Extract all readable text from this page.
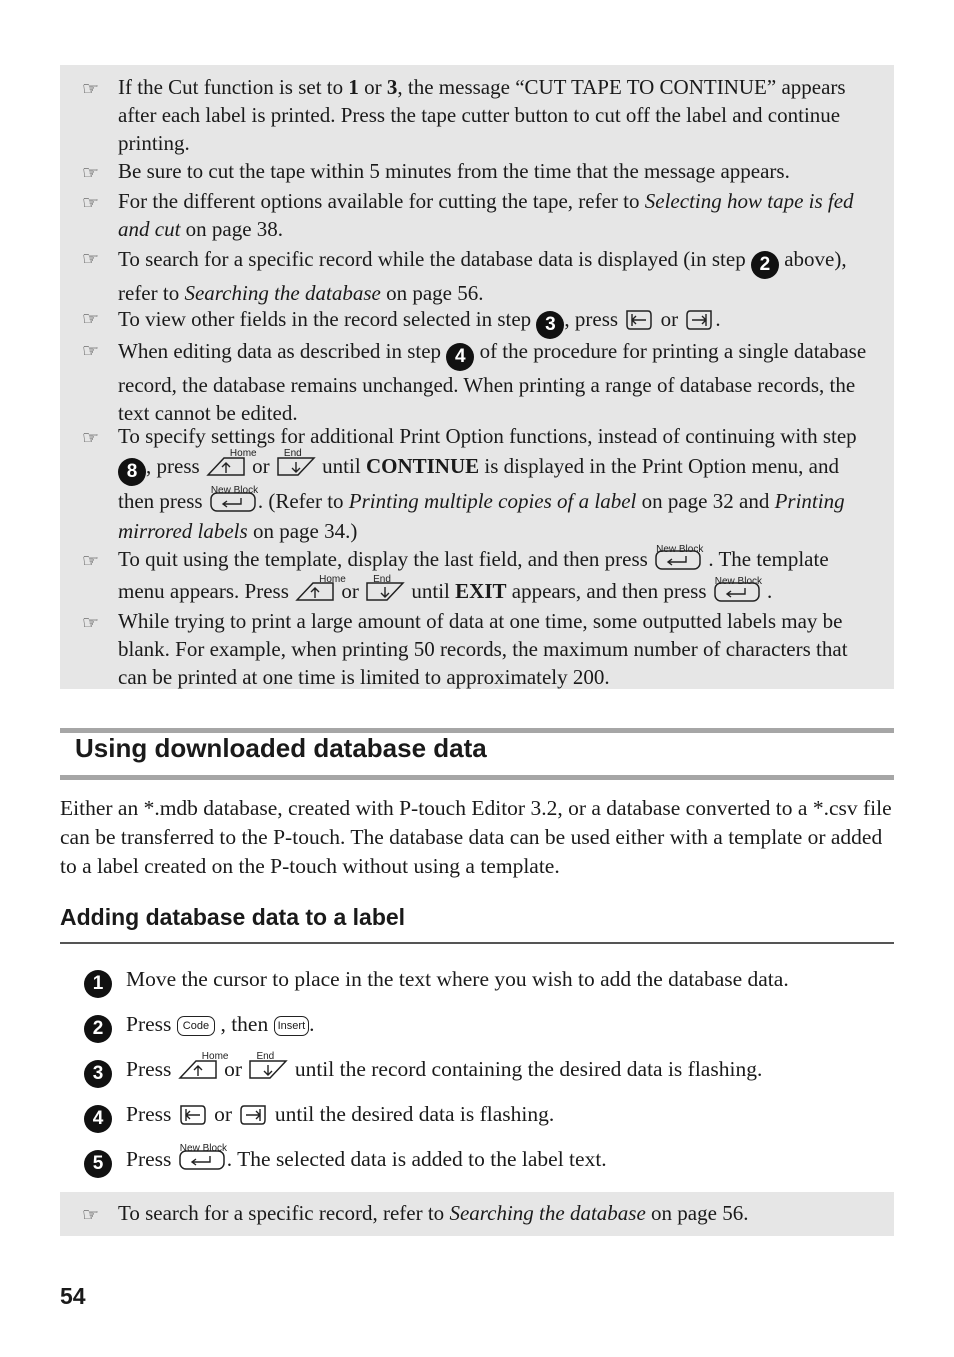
☞ If the Cut function is set to 1 or 3, the message “CUT TAPE TO CONTINUE” appears after each label is printed. Press the tape cutter button to cut off the label and continue printing.
☞ Be sure to cut the tape within 5 minutes from the time that the message appears.
☞ For the different options available for cutting the tape, refer to Selecting how tape is fed and cut on page 38.
☞ To search for a specific record while the database data is displayed (in step 2 above), refer to Searching the database on page 56.
☞ To view other fields in the record selected in step 3 , press
or
.
☞ When editing data as described in step 4 of the procedure for printing a single database record, the database remains unchanged. When printing a range of database records, the text cannot be edited.
☞ To specify settings for additional Print Option functions, instead of continuing with step 8 , press
Home
or
End
until CONTINUE is displayed in the Print Option menu, and then press New Block . (Refer to Printing multiple copies of a label on page 32 and Printing mirrored labels on page 34.)
☞ To quit using the template, display the last field, and then press New Block . The template menu appears. Press	Home
or End until EXIT appears, and then press New Block .
☞ While trying to print a large amount of data at one time, some outputted labels may be blank. For example, when printing 50 records, the maximum number of characters that can be printed at one time is limited to approximately 200.
Using downloaded database data

Either an *.mdb database, created with P-touch Editor 3.2, or a database converted to a *.csv file can be transferred to the P-touch. The database data can be used either with a template or added to a label created on the P-touch without using a template.

Adding database data to a label
1 Move the cursor to place in the text where you wish to add the database data.
2 Press Code , then Insert .
3 Press
Home
or
End
until the record containing the desired data is flashing.
4 Press
or
until the desired data is flashing.
5 Press New Block . The selected data is added to the label text.
☞ To search for a specific record, refer to Searching the database on page 56.
54
